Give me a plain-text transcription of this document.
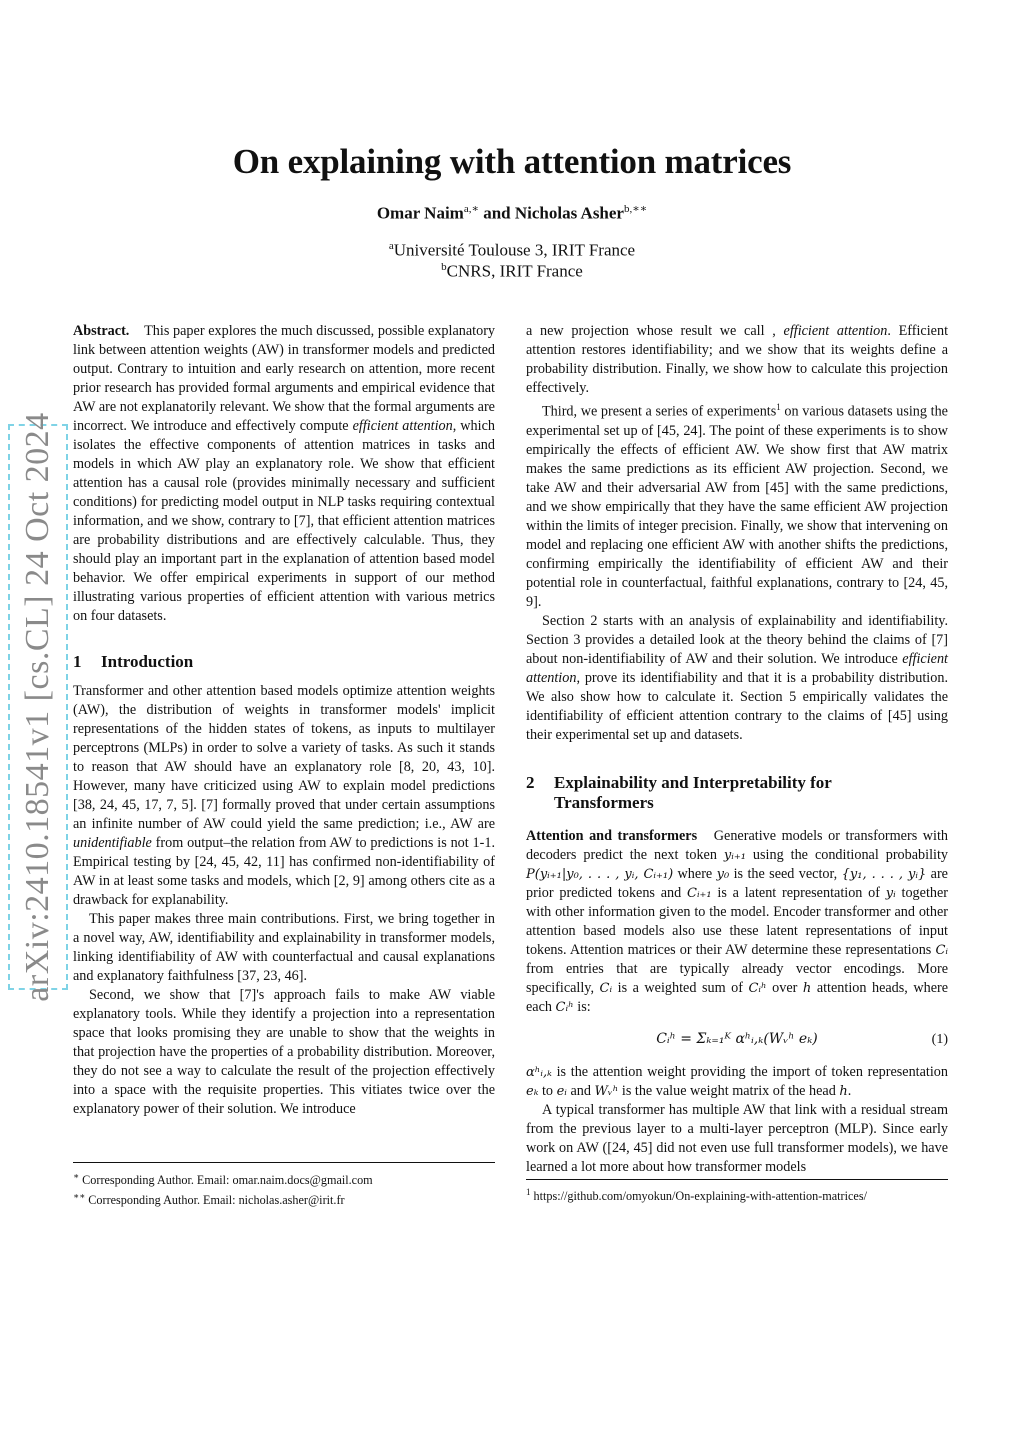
arXiv:2410.18541v1 [cs.CL] 24 Oct 2024
On explaining with attention matrices
Omar Naim$^{a,∗}$ and Nicholas Asher$^{b,∗∗}$
$^a$Université Toulouse 3, IRIT France
$^b$CNRS, IRIT France

Abstract. This paper explores the much discussed, possible explanatory link between attention weights (AW) in transformer models and predicted output. Contrary to intuition and early research on attention, more recent prior research has provided formal arguments and empirical evidence that AW are not explanatorily relevant. We show that the formal arguments are incorrect. We introduce and effectively compute efficient attention, which isolates the effective components of attention matrices in tasks and models in which AW play an explanatory role. We show that efficient attention has a causal role (provides minimally necessary and sufficient conditions) for predicting model output in NLP tasks requiring contextual information, and we show, contrary to [7], that efficient attention matrices are probability distributions and are effectively calculable. Thus, they should play an important part in the explanation of attention based model behavior. We offer empirical experiments in support of our method illustrating various properties of efficient attention with various metrics on four datasets.

1 Introduction

Transformer and other attention based models optimize attention weights (AW), the distribution of weights in transformer models' implicit representations of the hidden states of tokens, as inputs to multilayer perceptrons (MLPs) in order to solve a variety of tasks. As such it stands to reason that AW should have an explanatory role [8, 20, 43, 10]. However, many have criticized using AW to explain model predictions [38, 24, 45, 17, 7, 5]. [7] formally proved that under certain assumptions an infinite number of AW could yield the same prediction; i.e., AW are unidentifiable from output–the relation from AW to predictions is not 1-1. Empirical testing by [24, 45, 42, 11] has confirmed non-identifiability of AW in at least some tasks and models, which [2, 9] among others cite as a drawback for explanability.

This paper makes three main contributions. First, we bring together in a novel way, AW, identifiability and explainability in transformer models, linking identifiability of AW with counterfactual and causal explanations and explanatory faithfulness [37, 23, 46].

Second, we show that [7]'s approach fails to make AW viable explanatory tools. While they identify a projection into a representation space that looks promising they are unable to show that the weights in that projection have the properties of a probability distribution. Moreover, they do not see a way to calculate the result of the projection effectively into a space with the requisite properties. This vitiates twice over the explanatory power of their solution. We introduce

∗ Corresponding Author. Email: omar.naim.docs@gmail.com
∗∗ Corresponding Author. Email: nicholas.asher@irit.fr

a new projection whose result we call , efficient attention. Efficient attention restores identifiability; and we show that its weights define a probability distribution. Finally, we show how to calculate this projection effectively.

Third, we present a series of experiments$^1$ on various datasets using the experimental set up of [45, 24]. The point of these experiments is to show empirically the effects of efficient AW. We show first that AW matrix makes the same predictions as its efficient AW projection. Second, we take AW and their adversarial AW from [45] with the same predictions, and we show empirically that they have the same efficient AW projection within the limits of integer precision. Finally, we show that intervening on model and replacing one efficient AW with another shifts the predictions, confirming empirically the identifiability of efficient AW and their potential role in counterfactual, faithful explanations, contrary to [24, 45, 9].

Section 2 starts with an analysis of explainability and identifiability. Section 3 provides a detailed look at the theory behind the claims of [7] about non-identifiability of AW and their solution. We introduce efficient attention, prove its identifiability and that it is a probability distribution. We also show how to calculate it. Section 5 empirically validates the identifiability of efficient attention contrary to the claims of [45] using their experimental set up and datasets.

2 Explainability and Interpretability for
Transformers

Attention and transformers Generative models or transformers with decoders predict the next token yᵢ₊₁ using the conditional probability P(yᵢ₊₁|y₀, . . . , yᵢ, Cᵢ₊₁) where y₀ is the seed vector, {y₁, . . . , yᵢ} are prior predicted tokens and Cᵢ₊₁ is a latent representation of yᵢ together with other information given to the model. Encoder transformer and other attention based models also use these latent representations of input tokens. Attention matrices or their AW determine these representations Cᵢ from entries that are typically already vector encodings. More specifically, Cᵢ is a weighted sum of Cᵢʰ over h attention heads, where each Cᵢʰ is:

Cᵢʰ = Σₖ₌₁ᴷ αʰᵢ,ₖ(Wᵥʰ eₖ)	(1)

αʰᵢ,ₖ is the attention weight providing the import of token representation eₖ to eᵢ and Wᵥʰ is the value weight matrix of the head h.

A typical transformer has multiple AW that link with a residual stream from the previous layer to a multi-layer perceptron (MLP). Since early work on AW ([24, 45] did not even use full transformer models), we have learned a lot more about how transformer models

$^1$ https://github.com/omyokun/On-explaining-with-attention-matrices/
